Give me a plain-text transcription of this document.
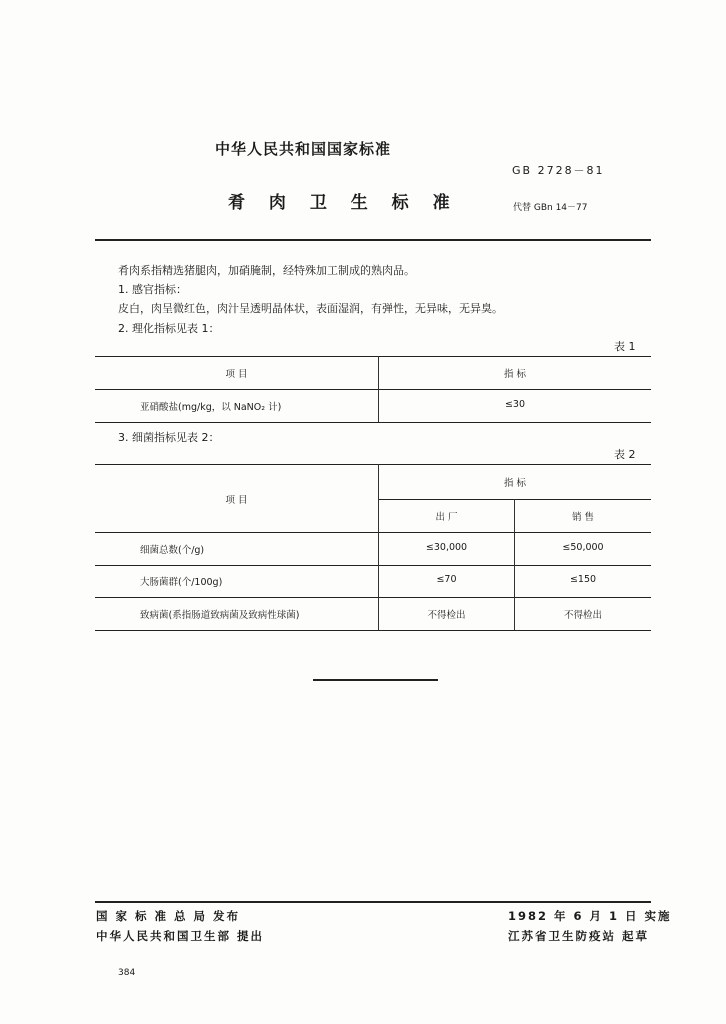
中华人民共和国国家标准
GB 2728－81
肴 肉 卫 生 标 准	代替 GBn 14－77
肴肉系指精选猪腿肉，加硝腌制，经特殊加工制成的熟肉品。
1. 感官指标：
皮白，肉呈微红色，肉汁呈透明晶体状，表面湿润，有弹性，无异味，无异臭。
2. 理化指标见表 1：
表 1
项 目	指 标
亚硝酸盐(mg/kg，以 NaNO₂ 计)	≤30
3. 细菌指标见表 2：
表 2
项 目
指 标
出 厂	销 售
细菌总数(个/g)	≤30,000	≤50,000
大肠菌群(个/100g)	≤70	≤150
致病菌(系指肠道致病菌及致病性球菌)	不得检出	不得检出
国 家 标 准 总 局 发布
中华人民共和国卫生部 提出
1982 年 6 月 1 日 实施
江苏省卫生防疫站 起草
384
